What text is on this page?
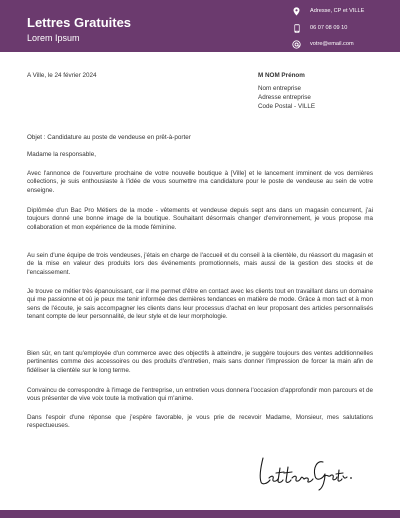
Lettres Gratuites
Lorem Ipsum
Adresse, CP et VILLE
06 07 08 09 10
votre@email.com
A Ville, le 24 février 2024	M NOM Prénom
Nom entreprise
Adresse entreprise
Code Postal - VILLE
Objet : Candidature au poste de vendeuse en prêt-à-porter
Madame la responsable,
Avec l'annonce de l'ouverture prochaine de votre nouvelle boutique à [Ville] et le lancement imminent de vos dernières collections, je suis enthousiaste à l'idée de vous soumettre ma candidature pour le poste de vendeuse au sein de votre enseigne.
Diplômée d'un Bac Pro Métiers de la mode - vêtements et vendeuse depuis sept ans dans un magasin concurrent, j'ai toujours donné une bonne image de la boutique. Souhaitant désormais changer d'environnement, je vous propose ma collaboration et mon expérience de la mode féminine.
Au sein d'une équipe de trois vendeuses, j'étais en charge de l'accueil et du conseil à la clientèle, du réassort du magasin et de la mise en valeur des produits lors des événements promotionnels, mais aussi de la gestion des stocks et de l'encaissement.
Je trouve ce métier très épanouissant, car il me permet d'être en contact avec les clients tout en travaillant dans un domaine qui me passionne et où je peux me tenir informée des dernières tendances en matière de mode. Grâce à mon tact et à mon sens de l'écoute, je sais accompagner les clients dans leur processus d'achat en leur proposant des articles personnalisés tenant compte de leur personnalité, de leur style et de leur morphologie.
Bien sûr, en tant qu'employée d'un commerce avec des objectifs à atteindre, je suggère toujours des ventes additionnelles pertinentes comme des accessoires ou des produits d'entretien, mais sans donner l'impression de forcer la main afin de fidéliser la clientèle sur le long terme.
Convaincu de correspondre à l'image de l'entreprise, un entretien vous donnera l'occasion d'approfondir mon parcours et de vous présenter de vive voix toute la motivation qui m'anime.
Dans l'espoir d'une réponse que j'espère favorable, je vous prie de recevoir Madame, Monsieur, mes salutations respectueuses.
